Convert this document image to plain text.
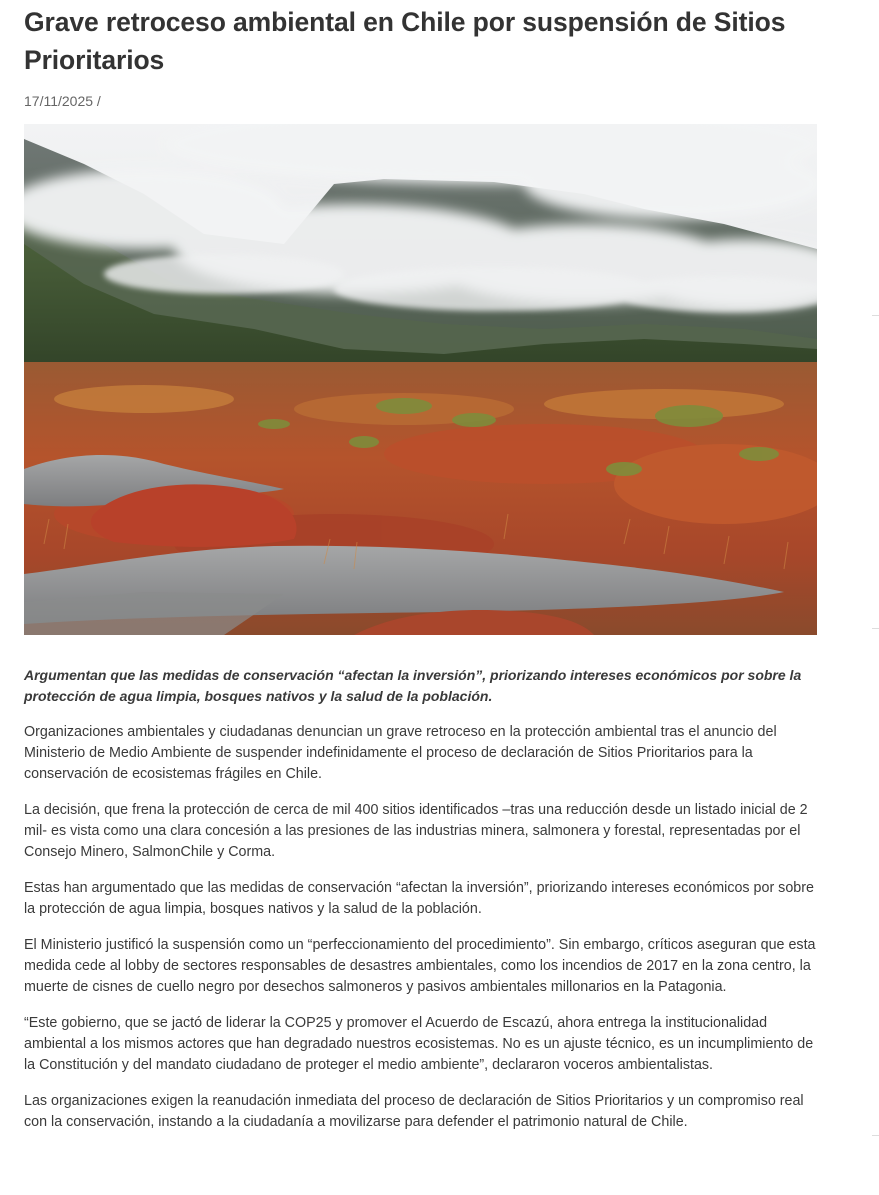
Grave retroceso ambiental en Chile por suspensión de Sitios Prioritarios
17/11/2025 /

Argumentan que las medidas de conservación “afectan la inversión”, priorizando intereses económicos por sobre la protección de agua limpia, bosques nativos y la salud de la población.

Organizaciones ambientales y ciudadanas denuncian un grave retroceso en la protección ambiental tras el anuncio del Ministerio de Medio Ambiente de suspender indefinidamente el proceso de declaración de Sitios Prioritarios para la conservación de ecosistemas frágiles en Chile.

La decisión, que frena la protección de cerca de mil 400 sitios identificados –tras una reducción desde un listado inicial de 2 mil- es vista como una clara concesión a las presiones de las industrias minera, salmonera y forestal, representadas por el Consejo Minero, SalmonChile y Corma.

Estas han argumentado que las medidas de conservación “afectan la inversión”, priorizando intereses económicos por sobre la protección de agua limpia, bosques nativos y la salud de la población.

El Ministerio justificó la suspensión como un “perfeccionamiento del procedimiento”. Sin embargo, críticos aseguran que esta medida cede al lobby de sectores responsables de desastres ambientales, como los incendios de 2017 en la zona centro, la muerte de cisnes de cuello negro por desechos salmoneros y pasivos ambientales millonarios en la Patagonia.

“Este gobierno, que se jactó de liderar la COP25 y promover el Acuerdo de Escazú, ahora entrega la institucionalidad ambiental a los mismos actores que han degradado nuestros ecosistemas. No es un ajuste técnico, es un incumplimiento de la Constitución y del mandato ciudadano de proteger el medio ambiente”, declararon voceros ambientalistas.

Las organizaciones exigen la reanudación inmediata del proceso de declaración de Sitios Prioritarios y un compromiso real con la conservación, instando a la ciudadanía a movilizarse para defender el patrimonio natural de Chile.
